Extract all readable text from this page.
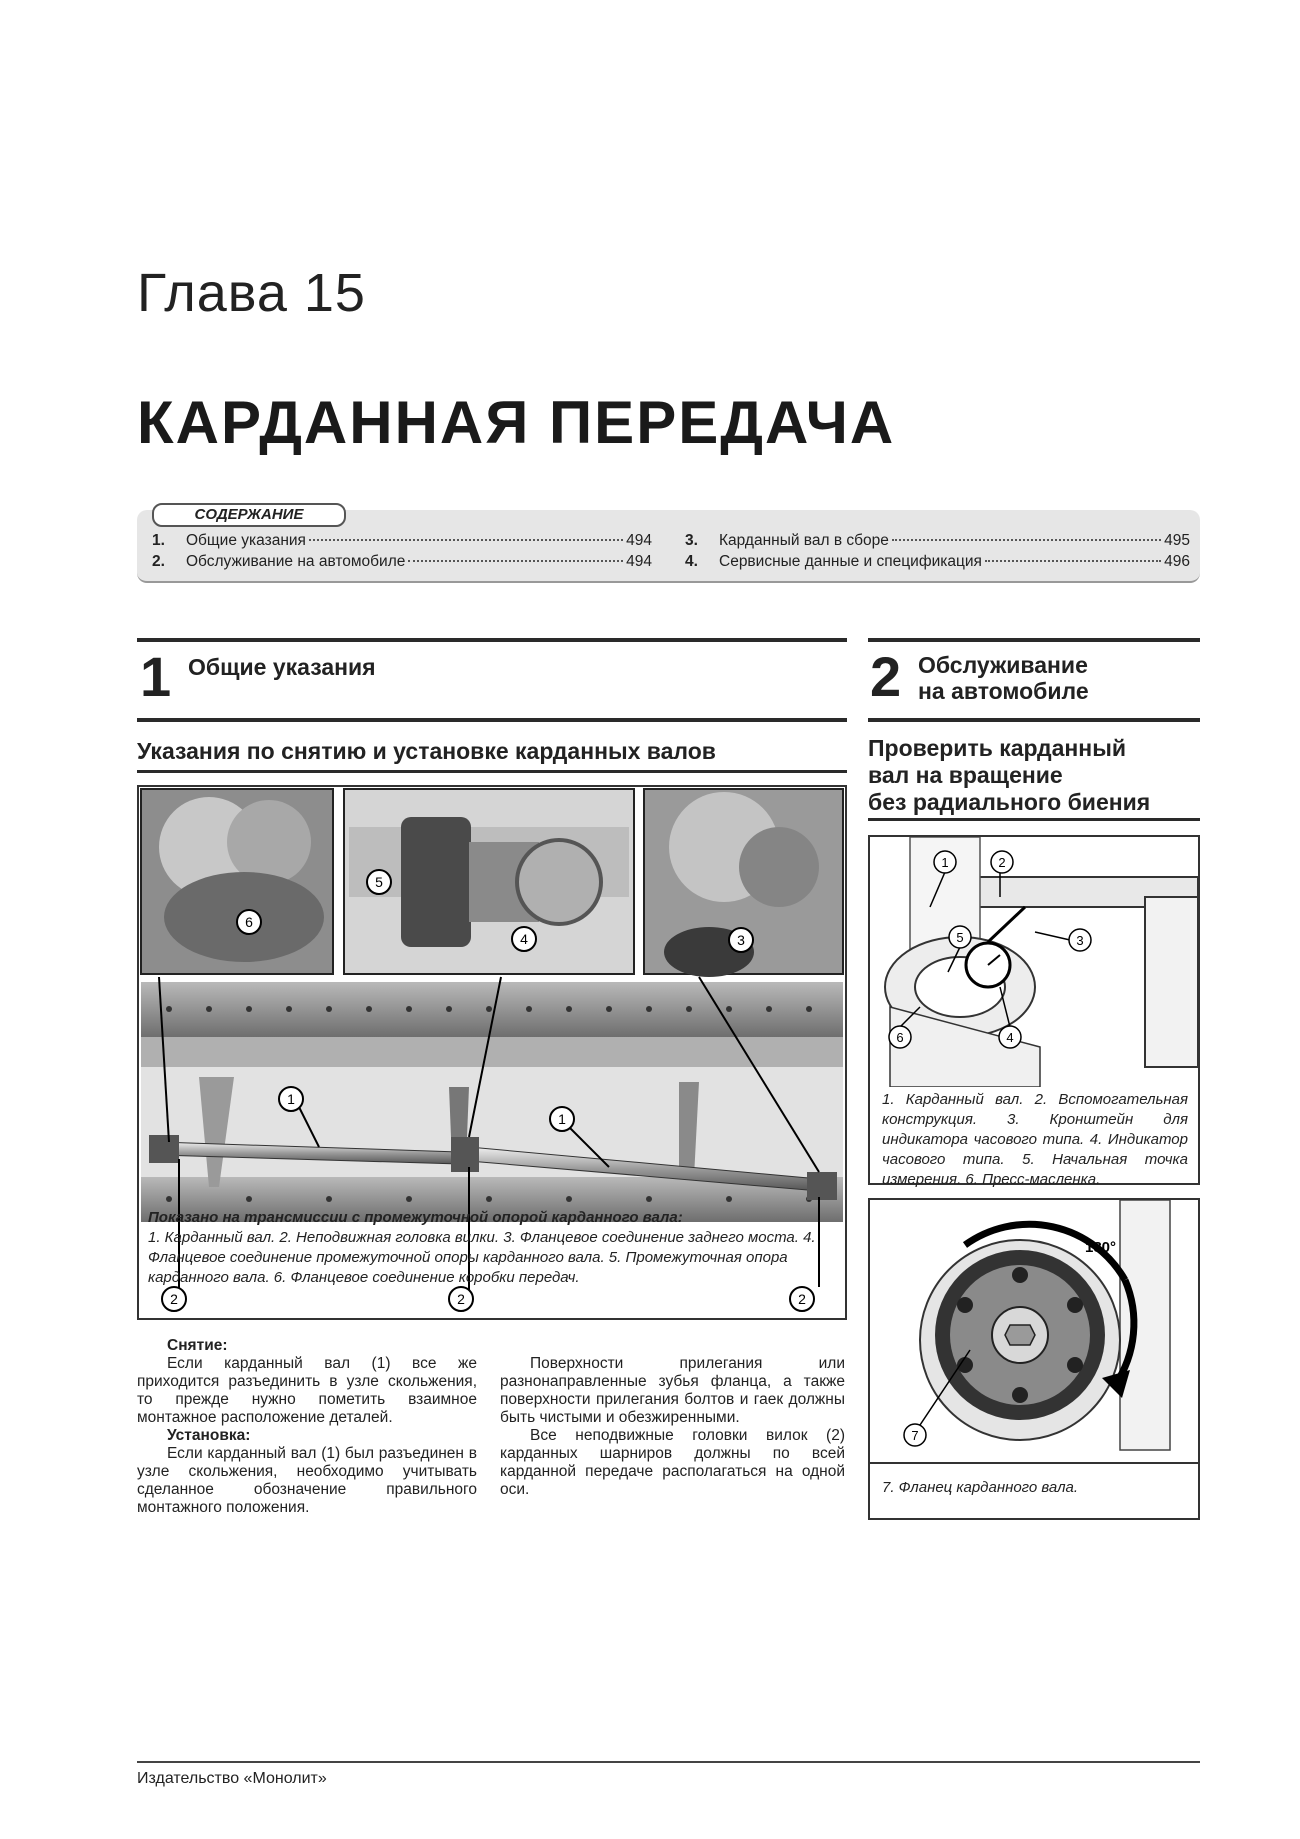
Глава 15
КАРДАННАЯ ПЕРЕДАЧА
СОДЕРЖАНИЕ
1.	Общие указания	494
2.	Обслуживание на автомобиле	494
3.	Карданный вал в сборе	495
4.	Сервисные данные и спецификация	496
1 Общие указания
Указания по снятию и установке карданных валов
1
1
2	2	2
3
4
5
6
Показано на трансмиссии с промежуточной опорой карданного вала:
1. Карданный вал. 2. Неподвижная головка вилки. 3. Фланцевое соединение заднего моста. 4. Фланцевое соединение промежуточной опоры карданного вала. 5. Промежуточная опора карданного вала. 6. Фланцевое соединение коробки передач.
Снятие:
Если карданный вал (1) все же приходится разъединить в узле скольжения, то прежде нужно пометить взаимное монтажное расположение деталей.
Установка:
Если карданный вал (1) был разъединен в узле скольжения, необходимо учитывать сделанное обозначение правильного монтажного положения.
Поверхности прилегания или разнонаправленные зубья фланца, а также поверхности прилегания болтов и гаек должны быть чистыми и обезжиренными.
Все неподвижные головки вилок (2) карданных шарниров должны по всей карданной передаче располагаться на одной оси.
2 Обслуживание
на автомобиле
Проверить карданный
вал на вращение
без радиального биения
1	2
3
4
5
6
1. Карданный вал. 2. Вспомогательная конструкция. 3. Кронштейн для индикатора часового типа. 4. Индикатор часового типа. 5. Начальная точка измерения. 6. Пресс-масленка.
180°
7
7. Фланец карданного вала.
Издательство «Монолит»
